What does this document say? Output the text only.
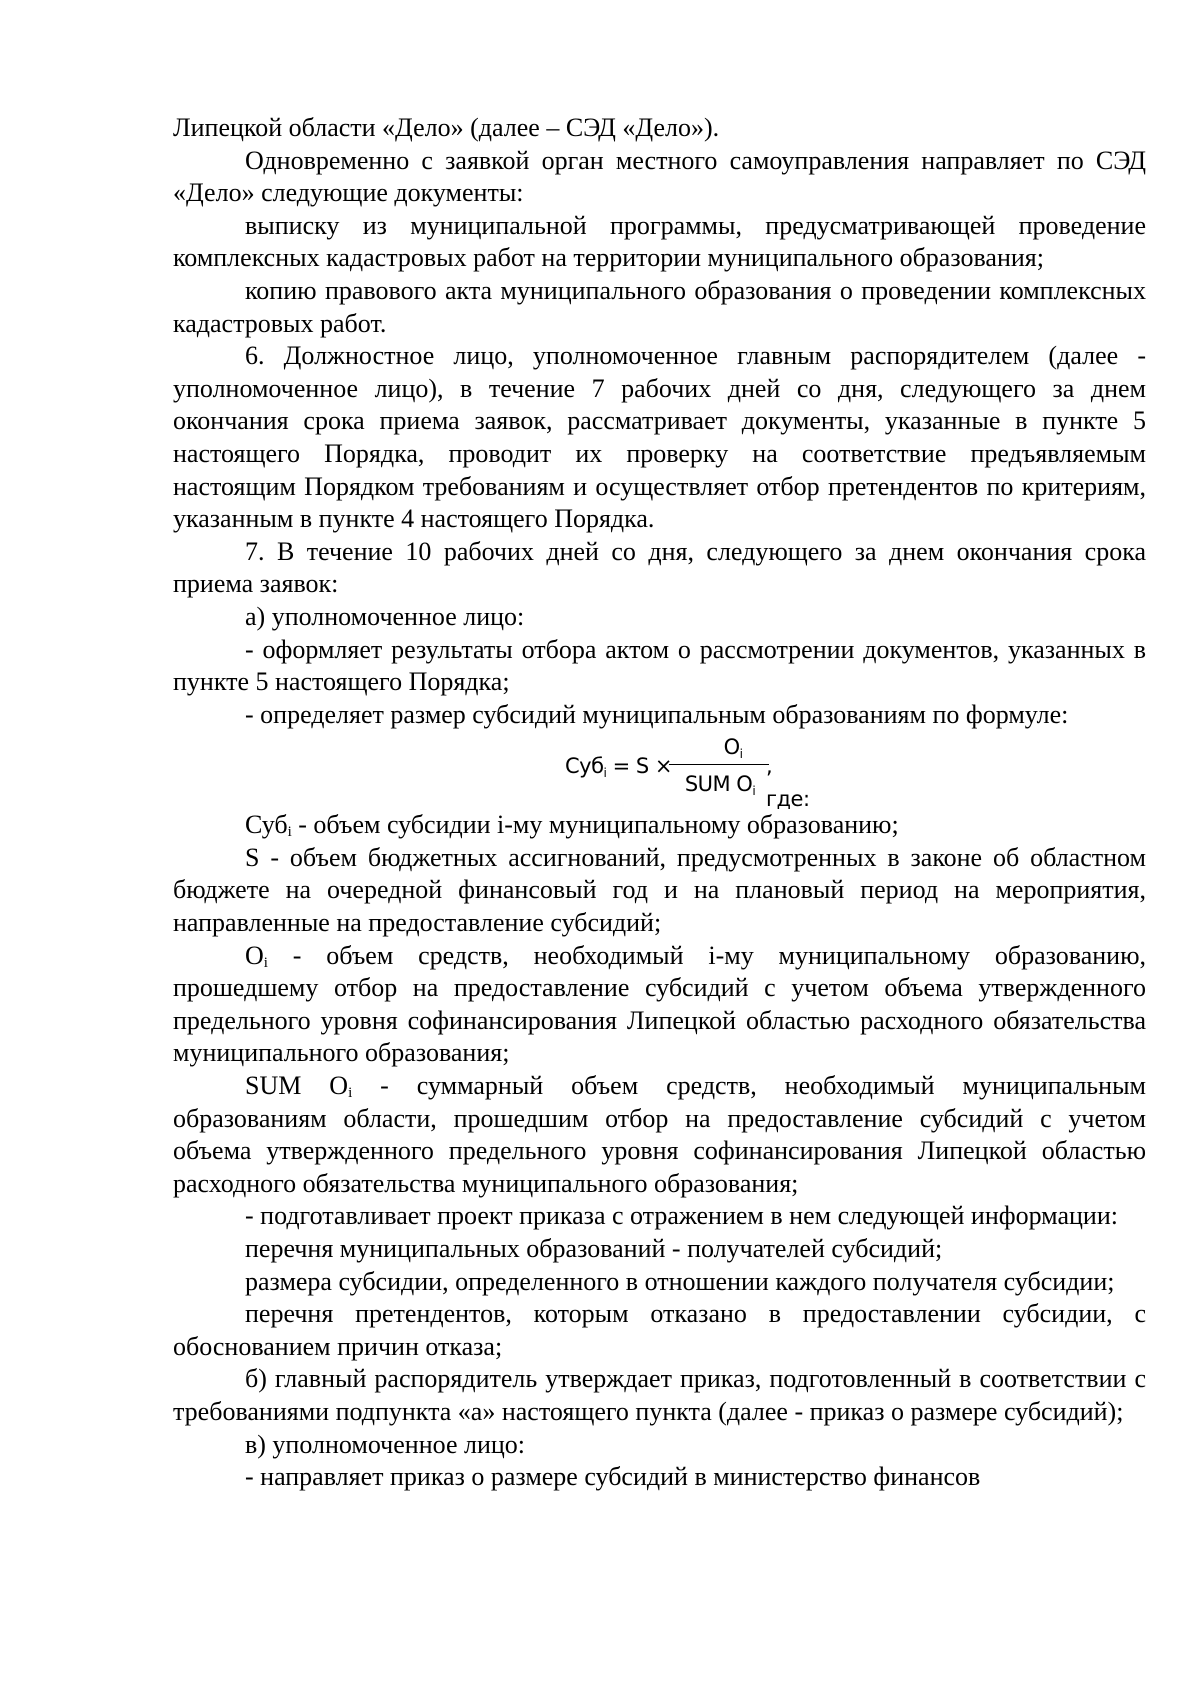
Липецкой области «Дело» (далее – СЭД «Дело»).

Одновременно с заявкой орган местного самоуправления направляет по СЭД «Дело» следующие документы:

выписку из муниципальной программы, предусматривающей проведение комплексных кадастровых работ на территории муниципального образования;

копию правового акта муниципального образования о проведении комплексных кадастровых работ.

6. Должностное лицо, уполномоченное главным распорядителем (далее - уполномоченное лицо), в течение 7 рабочих дней со дня, следующего за днем окончания срока приема заявок, рассматривает документы, указанные в пункте 5 настоящего Порядка, проводит их проверку на соответствие предъявляемым настоящим Порядком требованиям и осуществляет отбор претендентов по критериям, указанным в пункте 4 настоящего Порядка.

7. В течение 10 рабочих дней со дня, следующего за днем окончания срока приема заявок:

а) уполномоченное лицо:

- оформляет результаты отбора актом о рассмотрении документов, указанных в пункте 5 настоящего Порядка;

- определяет размер субсидий муниципальным образованиям по формуле:

Суб$_i$ = S ×
$O_i$
SUM $O_i$
, где:

Суб$_i$ - объем субсидии i-му муниципальному образованию;

S - объем бюджетных ассигнований, предусмотренных в законе об областном бюджете на очередной финансовый год и на плановый период на мероприятия, направленные на предоставление субсидий;

$O_i$ - объем средств, необходимый i-му муниципальному образованию, прошедшему отбор на предоставление субсидий с учетом объема утвержденного предельного уровня софинансирования Липецкой областью расходного обязательства муниципального образования;

SUM $O_i$ - суммарный объем средств, необходимый муниципальным образованиям области, прошедшим отбор на предоставление субсидий с учетом объема утвержденного предельного уровня софинансирования Липецкой областью расходного обязательства муниципального образования;

- подготавливает проект приказа с отражением в нем следующей информации:

перечня муниципальных образований - получателей субсидий;

размера субсидии, определенного в отношении каждого получателя субсидии;

перечня претендентов, которым отказано в предоставлении субсидии, с обоснованием причин отказа;

б) главный распорядитель утверждает приказ, подготовленный в соответствии с требованиями подпункта «а» настоящего пункта (далее - приказ о размере субсидий);

в) уполномоченное лицо:

- направляет приказ о размере субсидий в министерство финансов
